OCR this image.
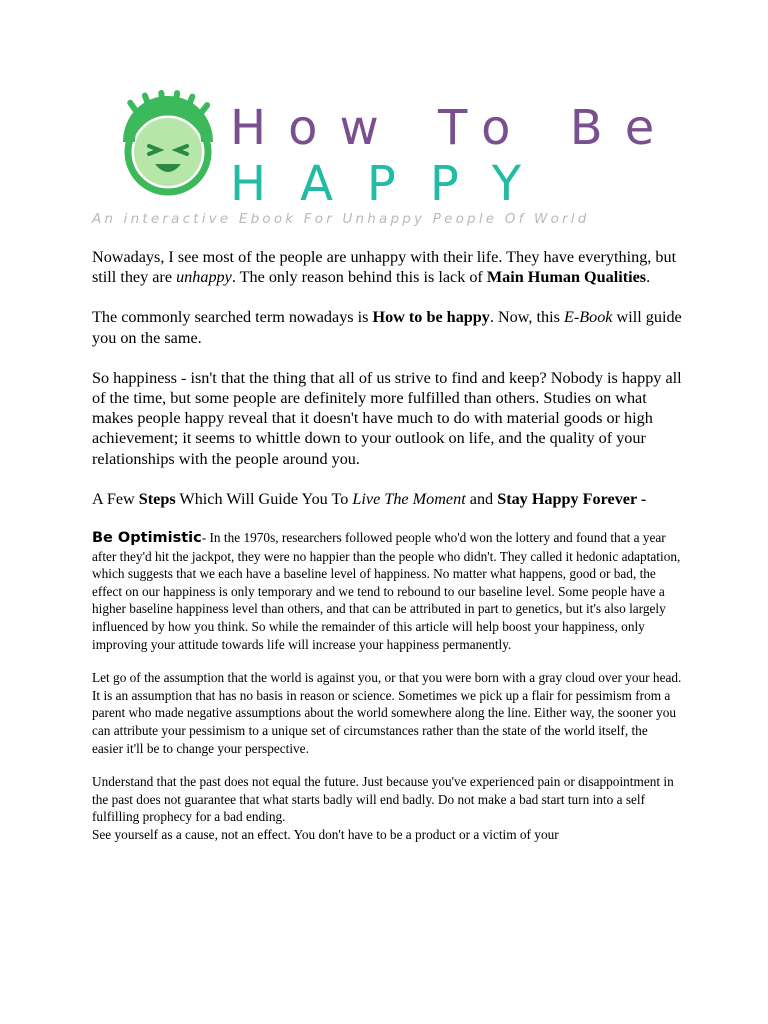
How To Be
HAPPY
An interactive Ebook For Unhappy People Of World

Nowadays, I see most of the people are unhappy with their life. They have everything, but still they are unhappy. The only reason behind this is lack of Main Human Qualities.

The commonly searched term nowadays is How to be happy. Now, this E-Book will guide you on the same.

So happiness - isn't that the thing that all of us strive to find and keep? Nobody is happy all of the time, but some people are definitely more fulfilled than others. Studies on what makes people happy reveal that it doesn't have much to do with material goods or high achievement; it seems to whittle down to your outlook on life, and the quality of your relationships with the people around you.

A Few Steps Which Will Guide You To Live The Moment and Stay Happy Forever -

Be Optimistic- In the 1970s, researchers followed people who'd won the lottery and found that a year after they'd hit the jackpot, they were no happier than the people who didn't. They called it hedonic adaptation, which suggests that we each have a baseline level of happiness. No matter what happens, good or bad, the effect on our happiness is only temporary and we tend to rebound to our baseline level. Some people have a higher baseline happiness level than others, and that can be attributed in part to genetics, but it's also largely influenced by how you think. So while the remainder of this article will help boost your happiness, only improving your attitude towards life will increase your happiness permanently.

Let go of the assumption that the world is against you, or that you were born with a gray cloud over your head. It is an assumption that has no basis in reason or science. Sometimes we pick up a flair for pessimism from a parent who made negative assumptions about the world somewhere along the line. Either way, the sooner you can attribute your pessimism to a unique set of circumstances rather than the state of the world itself, the easier it'll be to change your perspective.

Understand that the past does not equal the future. Just because you've experienced pain or disappointment in the past does not guarantee that what starts badly will end badly. Do not make a bad start turn into a self fulfilling prophecy for a bad ending.

See yourself as a cause, not an effect. You don't have to be a product or a victim of your
